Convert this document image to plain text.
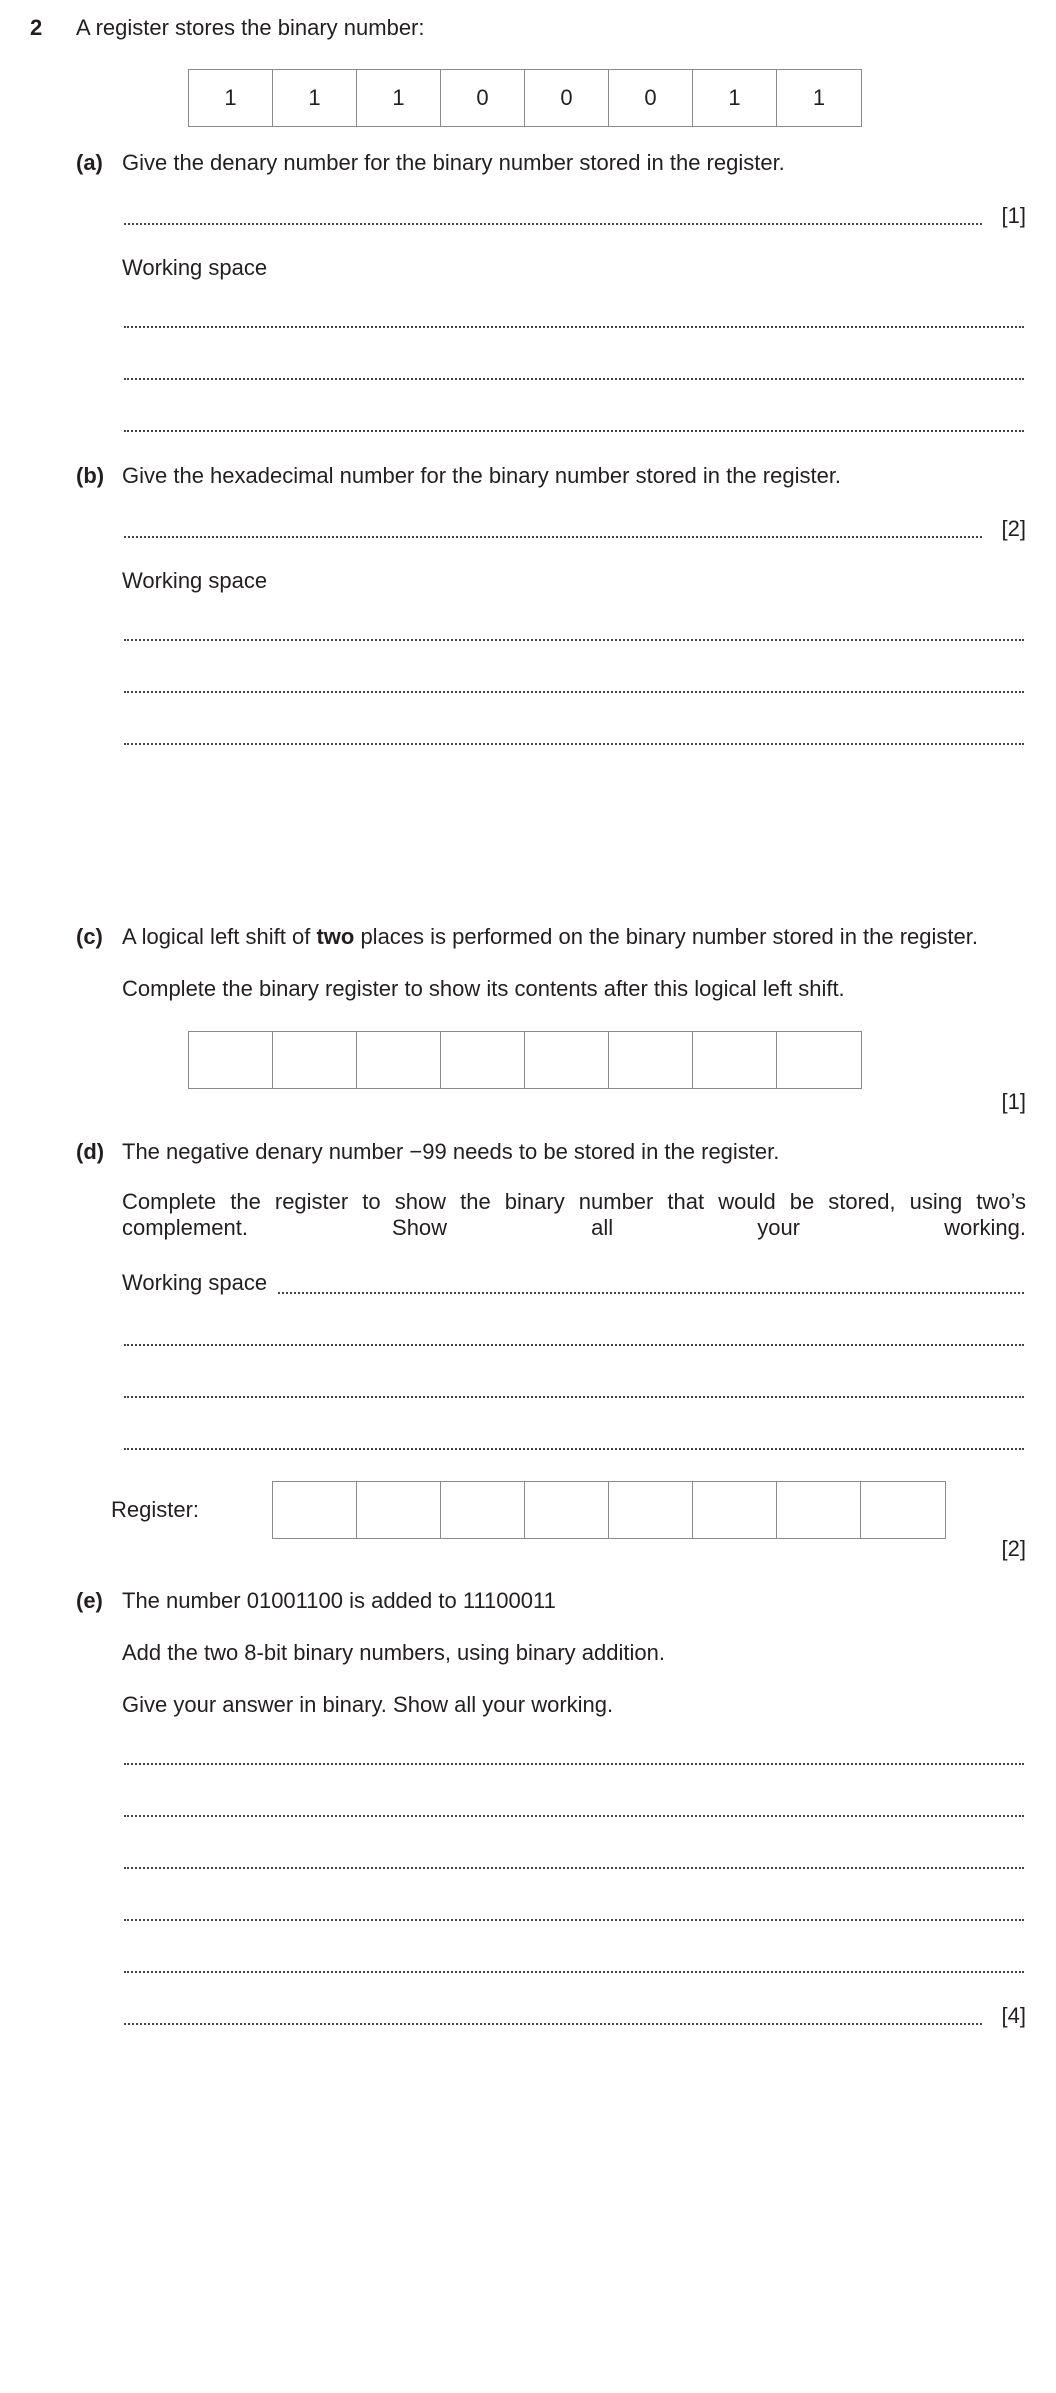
2 A register stores the binary number:
1	1	1	0	0	0	1	1
(a) Give the denary number for the binary number stored in the register.
[1]
Working space
(b) Give the hexadecimal number for the binary number stored in the register.
[2]
Working space
(c) A logical left shift of two places is performed on the binary number stored in the register.
Complete the binary register to show its contents after this logical left shift.
[1]
(d) The negative denary number −99 needs to be stored in the register.
Complete the register to show the binary number that would be stored, using two’s complement. Show all your working.
Working space
Register:
[2]
(e) The number 01001100 is added to 11100011
Add the two 8-bit binary numbers, using binary addition.
Give your answer in binary. Show all your working.
[4]
